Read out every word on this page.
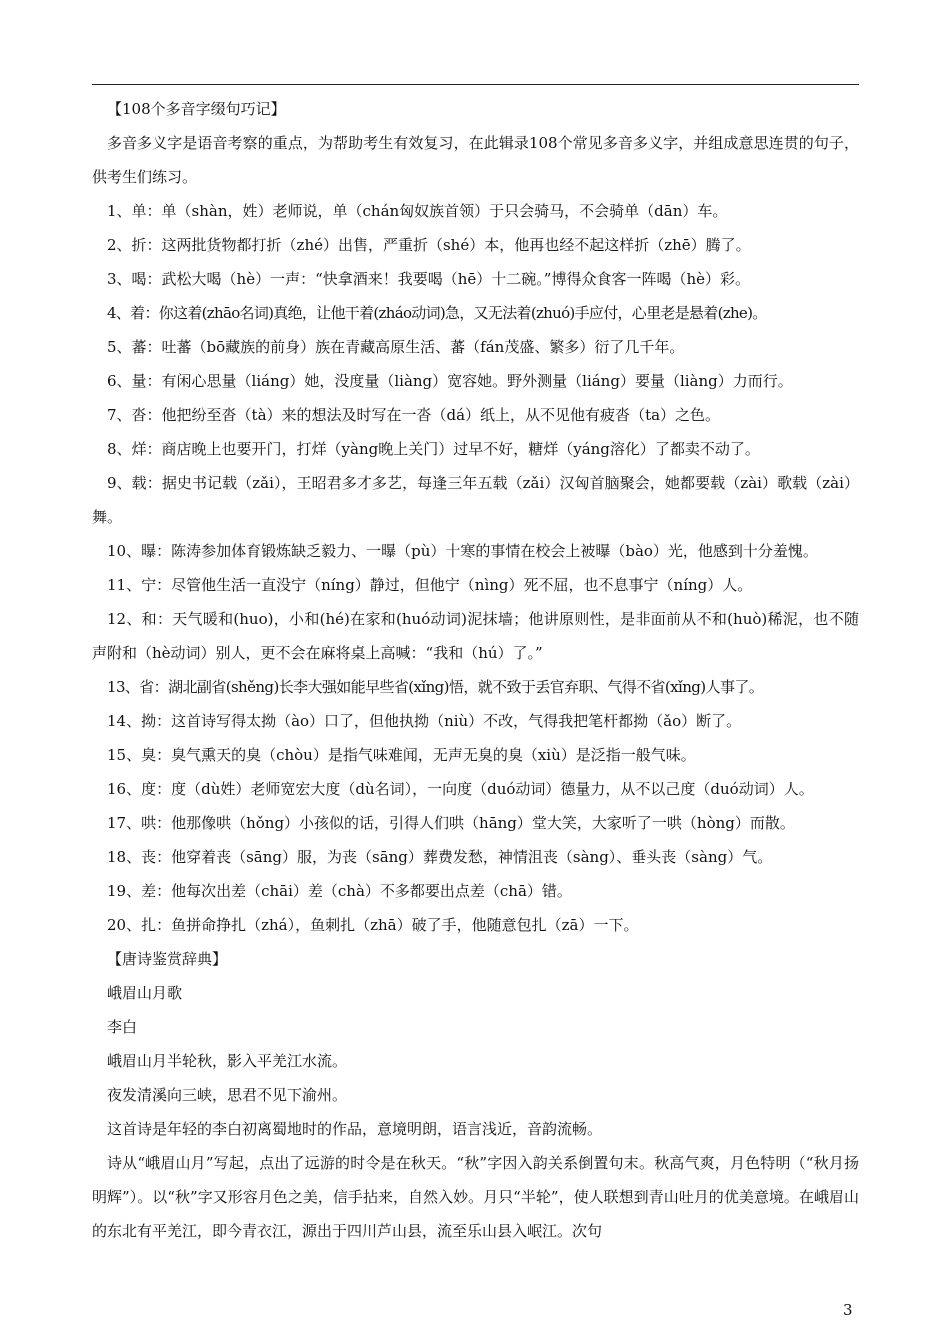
【108个多音字缀句巧记】

多音多义字是语音考察的重点，为帮助考生有效复习，在此辑录108个常见多音多义字，并组成意思连贯的句子，供考生们练习。

1、单：单（shàn，姓）老师说，单（chán匈奴族首领）于只会骑马，不会骑单（dān）车。

2、折：这两批货物都打折（zhé）出售，严重折（shé）本，他再也经不起这样折（zhē）腾了。

3、喝：武松大喝（hè）一声：“快拿酒来！我要喝（hē）十二碗。”博得众食客一阵喝（hè）彩。

4、着：你这着(zhāo名词)真绝，让他干着(zháo动词)急，又无法着(zhuó)手应付，心里老是悬着(zhe)。

5、蕃：吐蕃（bō藏族的前身）族在青藏高原生活、蕃（fán茂盛、繁多）衍了几千年。

6、量：有闲心思量（liáng）她，没度量（liàng）宽容她。野外测量（liáng）要量（liàng）力而行。

7、沓：他把纷至沓（tà）来的想法及时写在一沓（dá）纸上，从不见他有疲沓（ta）之色。

8、烊：商店晚上也要开门，打烊（yàng晚上关门）过早不好，糖烊（yáng溶化）了都卖不动了。

9、载：据史书记载（zǎi），王昭君多才多艺，每逢三年五载（zǎi）汉匈首脑聚会，她都要载（zài）歌载（zài）舞。

10、曝：陈涛参加体育锻炼缺乏毅力、一曝（pù）十寒的事情在校会上被曝（bào）光，他感到十分羞愧。

11、宁：尽管他生活一直没宁（níng）静过，但他宁（nìng）死不屈，也不息事宁（níng）人。

12、和：天气暖和(huo)，小和(hé)在家和(huó动词)泥抹墙；他讲原则性，是非面前从不和(huò)稀泥，也不随声附和（hè动词）别人，更不会在麻将桌上高喊：“我和（hú）了。”

13、省：湖北副省(shěng)长李大强如能早些省(xǐng)悟，就不致于丢官弃职、气得不省(xǐng)人事了。

14、拗：这首诗写得太拗（ào）口了，但他执拗（niù）不改，气得我把笔杆都拗（ǎo）断了。

15、臭：臭气熏天的臭（chòu）是指气味难闻，无声无臭的臭（xiù）是泛指一般气味。

16、度：度（dù姓）老师宽宏大度（dù名词），一向度（duó动词）德量力，从不以己度（duó动词）人。

17、哄：他那像哄（hǒng）小孩似的话，引得人们哄（hāng）堂大笑，大家听了一哄（hòng）而散。

18、丧：他穿着丧（sāng）服，为丧（sāng）葬费发愁，神情沮丧（sàng）、垂头丧（sàng）气。

19、差：他每次出差（chāi）差（chà）不多都要出点差（chā）错。

20、扎：鱼拼命挣扎（zhá），鱼刺扎（zhā）破了手，他随意包扎（zā）一下。

【唐诗鉴赏辞典】

峨眉山月歌

李白

峨眉山月半轮秋，影入平羌江水流。

夜发清溪向三峡，思君不见下渝州。

这首诗是年轻的李白初离蜀地时的作品，意境明朗，语言浅近，音韵流畅。

诗从“峨眉山月”写起，点出了远游的时令是在秋天。“秋”字因入韵关系倒置句末。秋高气爽，月色特明（“秋月扬明辉”）。以“秋”字又形容月色之美，信手拈来，自然入妙。月只“半轮”，使人联想到青山吐月的优美意境。在峨眉山的东北有平羌江，即今青衣江，源出于四川芦山县，流至乐山县入岷江。次句

3
